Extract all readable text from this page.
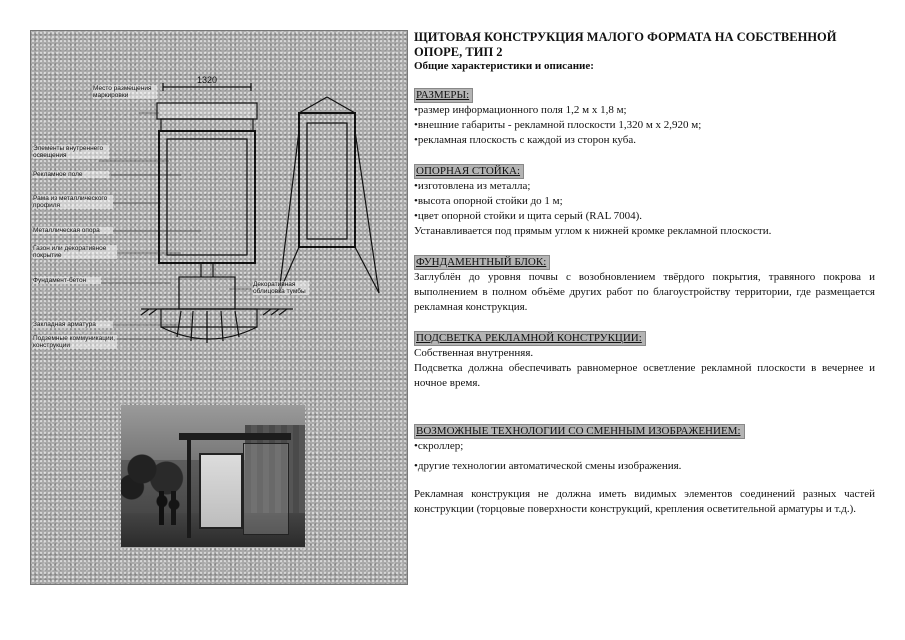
1320
Место размещения маркировки
Элементы внутреннего освещения
Рекламное поле
Рама из металлического профиля
Металлическая опора
Газон или декоративное покрытие
Фундамент-бетон
Декоративная облицовка тумбы
Закладная арматура
Подземные коммуникации, конструкции

ЩИТОВАЯ КОНСТРУКЦИЯ МАЛОГО ФОРМАТА НА СОБСТВЕННОЙ ОПОРЕ, ТИП 2

Общие характеристики и описание:

РАЗМЕРЫ:

• размер информационного поля 1,2 м х 1,8 м;

• внешние габариты - рекламной плоскости 1,320 м х 2,920 м;

• рекламная плоскость с каждой из сторон куба.

ОПОРНАЯ СТОЙКА:

• изготовлена из металла;

• высота опорной стойки до 1 м;

• цвет опорной стойки и щита серый (RAL 7004).

Устанавливается под прямым углом к нижней кромке рекламной плоскости.

ФУНДАМЕНТНЫЙ БЛОК:

Заглублён до уровня почвы с возобновлением твёрдого покрытия, травяного покрова и выполнением в полном объёме других работ по благоустройству территории, где размещается рекламная конструкция.

ПОДСВЕТКА РЕКЛАМНОЙ КОНСТРУКЦИИ:

Собственная внутренняя.

Подсветка должна обеспечивать равномерное осветление рекламной плоскости в вечернее и ночное время.

ВОЗМОЖНЫЕ ТЕХНОЛОГИИ СО СМЕННЫМ ИЗОБРАЖЕНИЕМ:

• скроллер;

• другие технологии автоматической смены изображения.

Рекламная конструкция не должна иметь видимых элементов соединений разных частей конструкции (торцовые поверхности конструкций, крепления осветительной арматуры и т.д.).
